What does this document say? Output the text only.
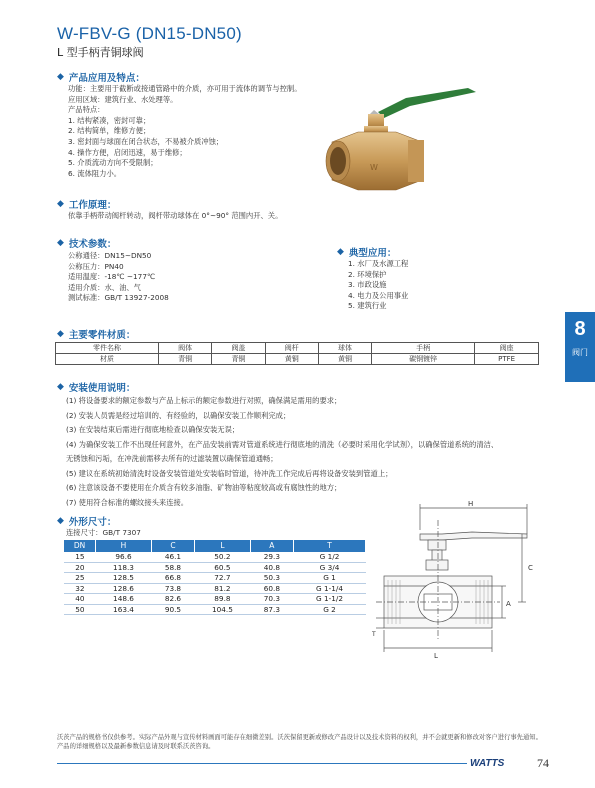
W-FBV-G (DN15-DN50)
L 型手柄青铜球阀
◆ 产品应用及特点：
功能：主要用于截断或接通管路中的介质，亦可用于流体的调节与控制。
应用区域：建筑行业、水处理等。
产品特点：
1. 结构紧凑，密封可靠；
2. 结构简单，维修方便；
3. 密封面与球面在闭合状态，不易被介质冲蚀；
4. 操作方便，启闭迅速，易于维修；
5. 介质流动方向不受限制；
6. 流体阻力小。
W
◆ 工作原理：
依靠手柄带动阀杆转动，阀杆带动球体在 0°~90° 范围内开、关。
◆ 技术参数：
公称通径：DN15~DN50
公称压力：PN40
适用温度：-18℃ ~177℃
适用介质：水、油、气
测试标准：GB/T 13927-2008
◆ 典型应用：
1. 水厂及水源工程
2. 环境保护
3. 市政设施
4. 电力及公用事业
5. 建筑行业
8
阀门
◆ 主要零件材质：
零件名称	阀体	阀盖	阀杆	球体	手柄	阀座
材质	青铜	青铜	黄铜	黄铜	碳钢镀锌	PTFE
◆ 安装使用说明：
(1) 将设备要求的额定参数与产品上标示的额定参数进行对照，确保满足需用的要求；
(2) 安装人员需是经过培训的、有经验的，以确保安装工作顺利完成；
(3) 在安装结束后需进行彻底地检查以确保安装无误；
(4) 为确保安装工作不出现任何意外，在产品安装前需对管道系统进行彻底地的清洗（必要时采用化学试剂），以确保管道系统的清洁、
无锈蚀和污垢，在冲洗前需移去所有的过滤装置以确保管道通畅；
(5) 建议在系统初始清洗时设备安装管道处安装临时管道，待冲洗工作完成后再将设备安装到管道上；
(6) 注意该设备不要使用在介质含有较多油脂、矿物油等粘度较高或有腐蚀性的地方；
(7) 使用符合标准的螺纹接头来连接。
◆ 外形尺寸：
连接尺寸：GB/T 7307
DN	H	C	L	A	T
15	96.6	46.1	50.2	29.3	G 1/2
20	118.3	58.8	60.5	40.8	G 3/4
25	128.5	66.8	72.7	50.3	G 1
32	128.6	73.8	81.2	60.8	G 1-1/4
40	148.6	82.6	89.8	70.3	G 1-1/2
50	163.4	90.5	104.5	87.3	G 2
H
C
A
L
T
沃茨产品的规格书仅供参考。实际产品外观与宣传材料画面可能存在细微差别。沃茨保留更新或修改产品设计以及技术资料的权利，并不会就更新和修改对客户进行事先通知。产品的详细规格以及最新参数信息请及时联系沃茨咨询。
WATTS	74
